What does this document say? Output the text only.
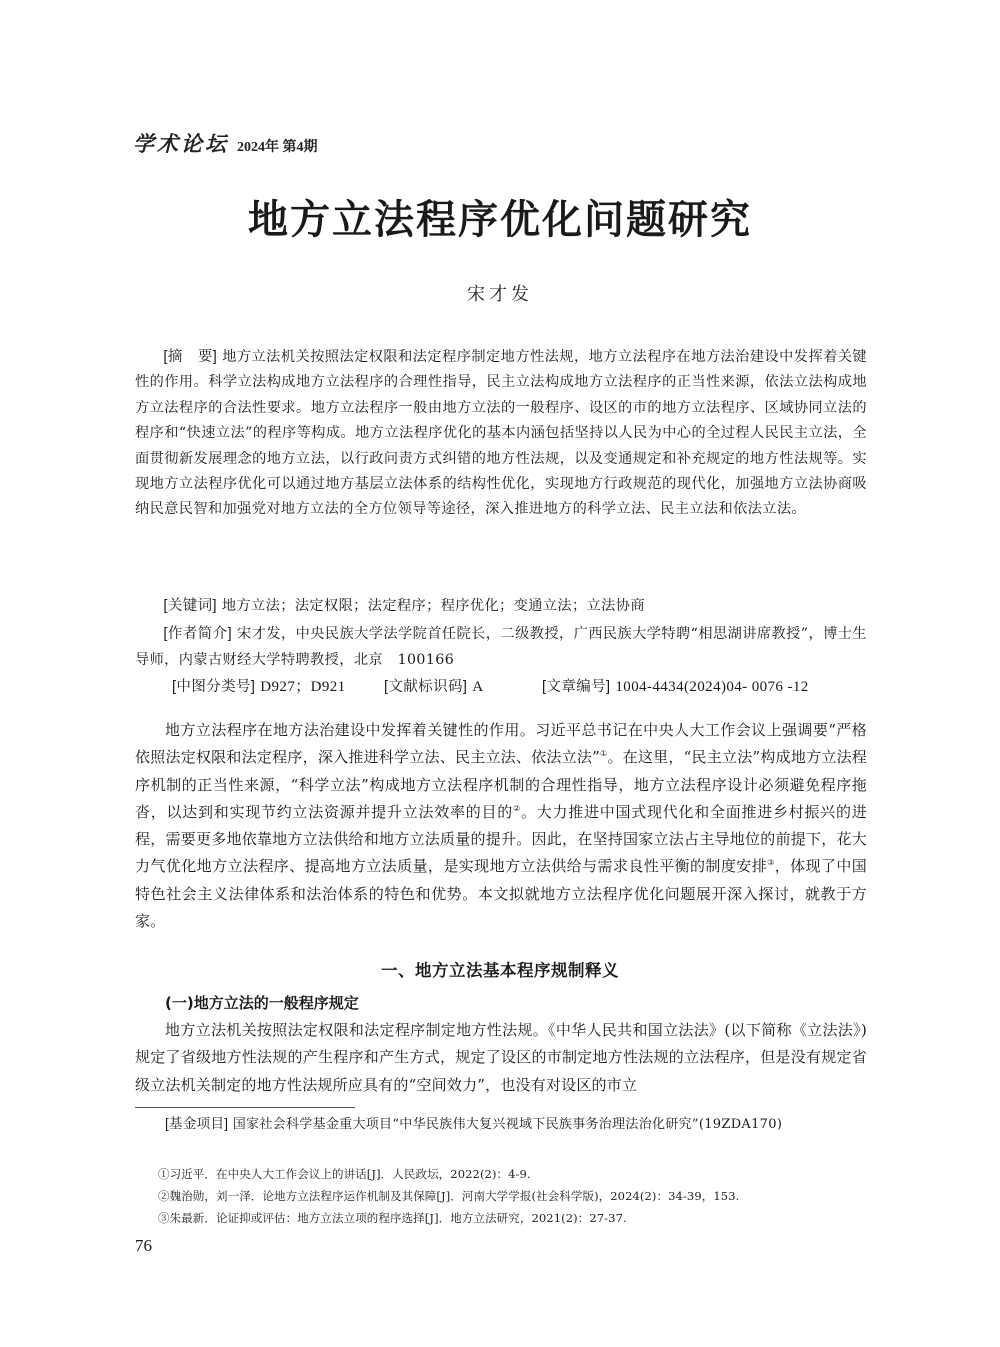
学术论坛 2024年 第4期
地方立法程序优化问题研究
宋才发
[摘　要] 地方立法机关按照法定权限和法定程序制定地方性法规，地方立法程序在地方法治建设中发挥着关键性的作用。科学立法构成地方立法程序的合理性指导，民主立法构成地方立法程序的正当性来源，依法立法构成地方立法程序的合法性要求。地方立法程序一般由地方立法的一般程序、设区的市的地方立法程序、区域协同立法的程序和“快速立法”的程序等构成。地方立法程序优化的基本内涵包括坚持以人民为中心的全过程人民民主立法，全面贯彻新发展理念的地方立法，以行政问责方式纠错的地方性法规，以及变通规定和补充规定的地方性法规等。实现地方立法程序优化可以通过地方基层立法体系的结构性优化，实现地方行政规范的现代化，加强地方立法协商吸纳民意民智和加强党对地方立法的全方位领导等途径，深入推进地方的科学立法、民主立法和依法立法。
[关键词] 地方立法；法定权限；法定程序；程序优化；变通立法；立法协商
[作者简介] 宋才发，中央民族大学法学院首任院长，二级教授，广西民族大学特聘“相思湖讲席教授”，博士生导师，内蒙古财经大学特聘教授，北京　100166
[中图分类号] D927；D921	[文献标识码] A	[文章编号] 1004-4434(2024)04- 0076 -12

地方立法程序在地方法治建设中发挥着关键性的作用。习近平总书记在中央人大工作会议上强调要“严格依照法定权限和法定程序，深入推进科学立法、民主立法、依法立法”①。在这里，“民主立法”构成地方立法程序机制的正当性来源，“科学立法”构成地方立法程序机制的合理性指导，地方立法程序设计必须避免程序拖沓，以达到和实现节约立法资源并提升立法效率的目的②。大力推进中国式现代化和全面推进乡村振兴的进程，需要更多地依靠地方立法供给和地方立法质量的提升。因此，在坚持国家立法占主导地位的前提下，花大力气优化地方立法程序、提高地方立法质量，是实现地方立法供给与需求良性平衡的制度安排③，体现了中国特色社会主义法律体系和法治体系的特色和优势。本文拟就地方立法程序优化问题展开深入探讨，就教于方家。

一、地方立法基本程序规制释义
(一)地方立法的一般程序规定

地方立法机关按照法定权限和法定程序制定地方性法规。《中华人民共和国立法法》(以下简称《立法法》)规定了省级地方性法规的产生程序和产生方式，规定了设区的市制定地方性法规的立法程序，但是没有规定省级立法机关制定的地方性法规所应具有的“空间效力”，也没有对设区的市立

[基金项目] 国家社会科学基金重大项目“中华民族伟大复兴视域下民族事务治理法治化研究”(19ZDA170)
①习近平．在中央人大工作会议上的讲话[J]．人民政坛，2022(2)：4-9.
②魏治勋，刘一泽．论地方立法程序运作机制及其保障[J]．河南大学学报(社会科学版)，2024(2)：34-39，153.
③朱最新．论证抑或评估：地方立法立项的程序选择[J]．地方立法研究，2021(2)：27-37.
76
